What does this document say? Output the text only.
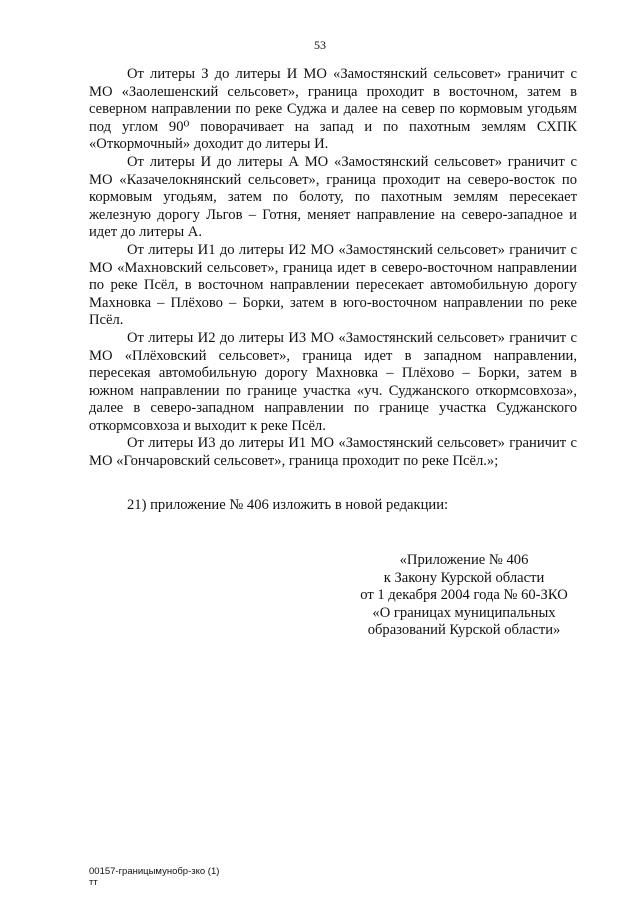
53

От литеры З до литеры И МО «Замостянский сельсовет» граничит с МО «Заолешенский сельсовет», граница проходит в восточном, затем в северном направлении по реке Суджа и далее на север по кормовым угодьям под углом 90⁰ поворачивает на запад и по пахотным землям СХПК «Откормочный» доходит до литеры И.

От литеры И до литеры А МО «Замостянский сельсовет» граничит с МО «Казачелокнянский сельсовет», граница проходит на северо-восток по кормовым угодьям, затем по болоту, по пахотным землям пересекает железную дорогу Льгов – Готня, меняет направление на северо-западное и идет до литеры А.

От литеры И1 до литеры И2 МО «Замостянский сельсовет» граничит с МО «Махновский сельсовет», граница идет в северо-восточном направлении по реке Псёл, в восточном направлении пересекает автомобильную дорогу Махновка – Плёхово – Борки, затем в юго-восточном направлении по реке Псёл.

От литеры И2 до литеры И3 МО «Замостянский сельсовет» граничит с МО «Плёховский сельсовет», граница идет в западном направлении, пересекая автомобильную дорогу Махновка – Плёхово – Борки, затем в южном направлении по границе участка «уч. Суджанского откормсовхоза», далее в северо-западном направлении по границе участка Суджанского откормсовхоза и выходит к реке Псёл.

От литеры И3 до литеры И1 МО «Замостянский сельсовет» граничит с МО «Гончаровский сельсовет», граница проходит по реке Псёл.»;

21) приложение № 406 изложить в новой редакции:

«Приложение № 406
к Закону Курской области
от 1 декабря 2004 года № 60-ЗКО
«О границах муниципальных
образований Курской области»
00157-границымунобр-зко (1)
тт
